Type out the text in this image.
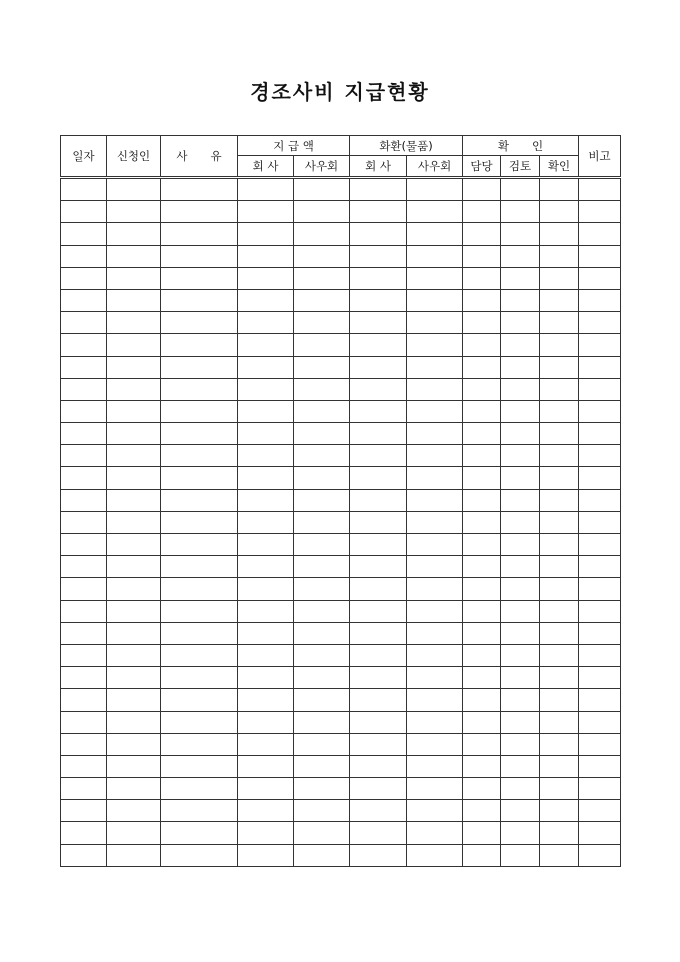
경조사비 지급현황
일자	신청인	사　　유	지 급 액		화환(물품)		확　　인			비고
			회 사	사우회	회 사	사우회	담당	검토	확인	
